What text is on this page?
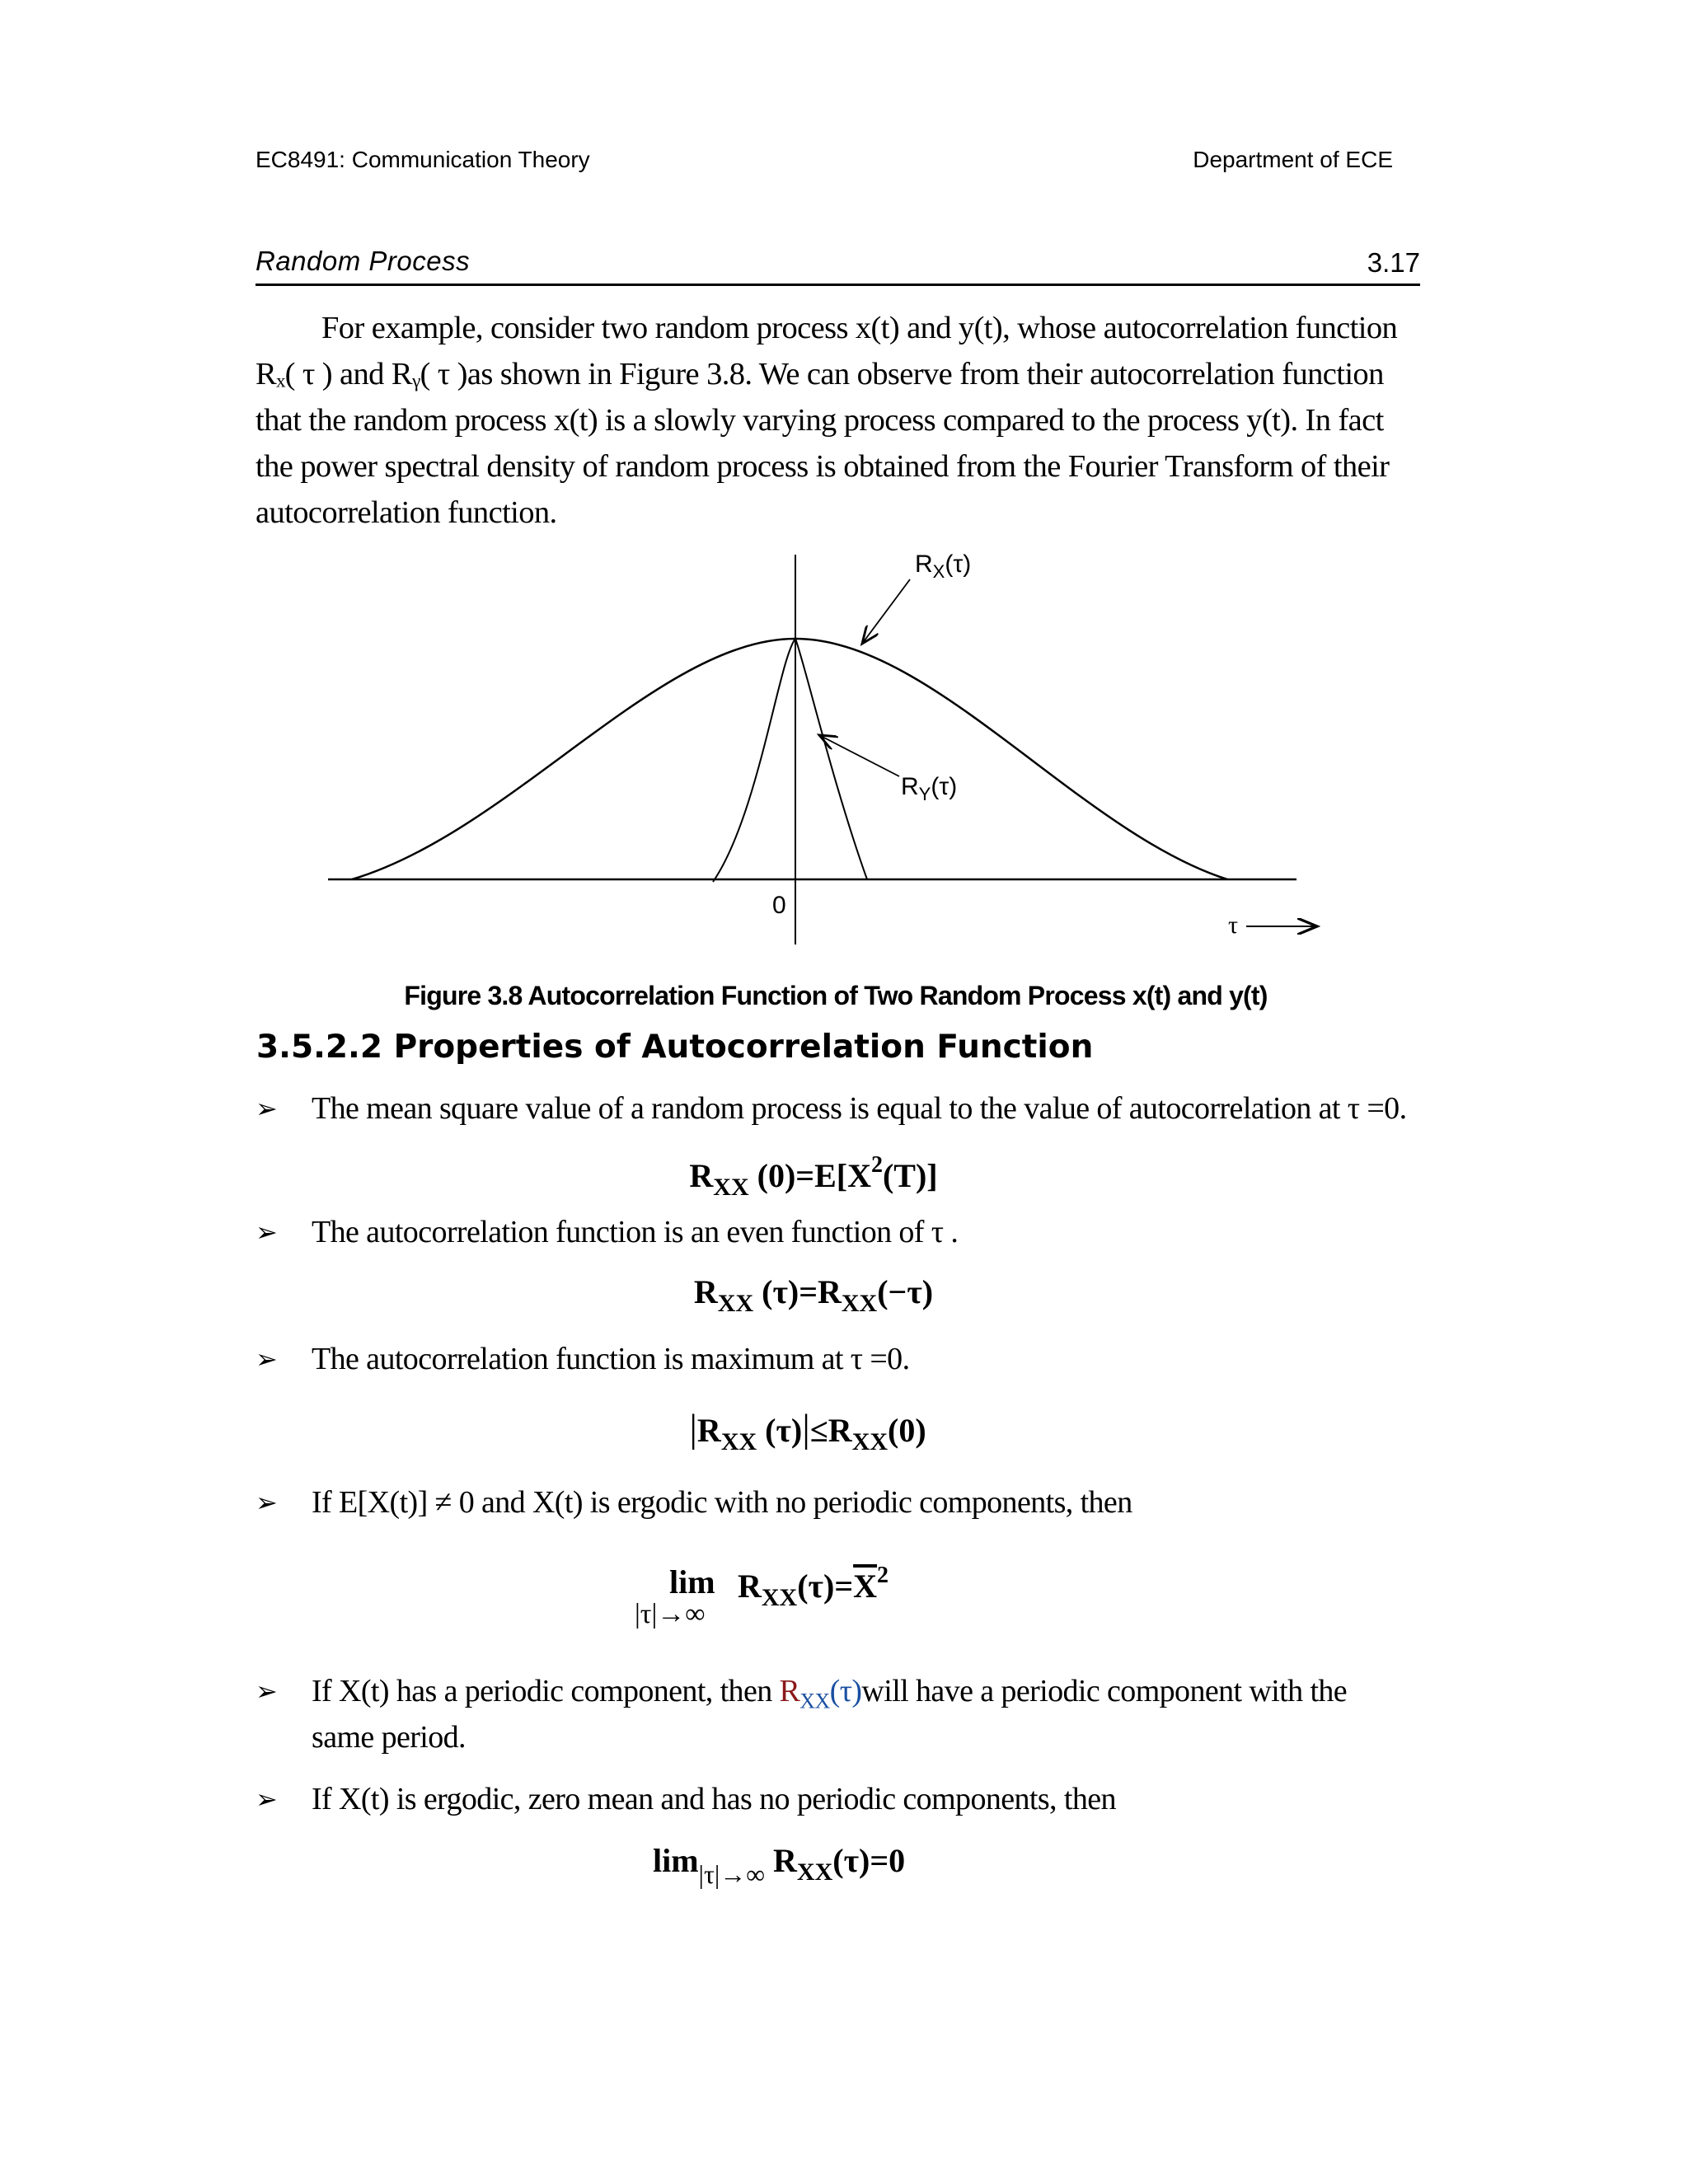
EC8491: Communication Theory	Department of ECE
Random Process	3.17

For example, consider two random process x(t) and y(t), whose autocorrelation function

Rₓ( τ ) and Rᵧ( τ )as shown in Figure 3.8. We can observe from their autocorrelation function

that the random process x(t) is a slowly varying process compared to the process y(t). In fact

the power spectral density of random process is obtained from the Fourier Transform of their

autocorrelation function.

$R_X(\tau)$
$R_Y(\tau)$
0
τ
Figure 3.8 Autocorrelation Function of Two Random Process x(t) and y(t)
3.5.2.2 Properties of Autocorrelation Function
➢ The mean square value of a random process is equal to the value of autocorrelation at τ =0.
$R_{XX}$ $(0)=E[X^2(T)]$
➢ The autocorrelation function is an even function of τ .
$R_{XX}$ $(\tau)=R_{XX}(-\tau)$
➢ The autocorrelation function is maximum at τ =0.
$|R_{XX}$ $(\tau)|\le R_{XX}(0)$
➢ If E[X(t)] ≠ 0 and X(t) is ergodic with no periodic components, then
lim
|τ|→∞
$R_{XX}(\tau)=\overline{X}^2$
➢ If X(t) has a periodic component, then $R_{XX}(\tau)will$ have a periodic component with the
same period.
➢ If X(t) is ergodic, zero mean and has no periodic components, then
$\lim_{|\tau|\to\infty} R_{XX}(\tau)=0$
